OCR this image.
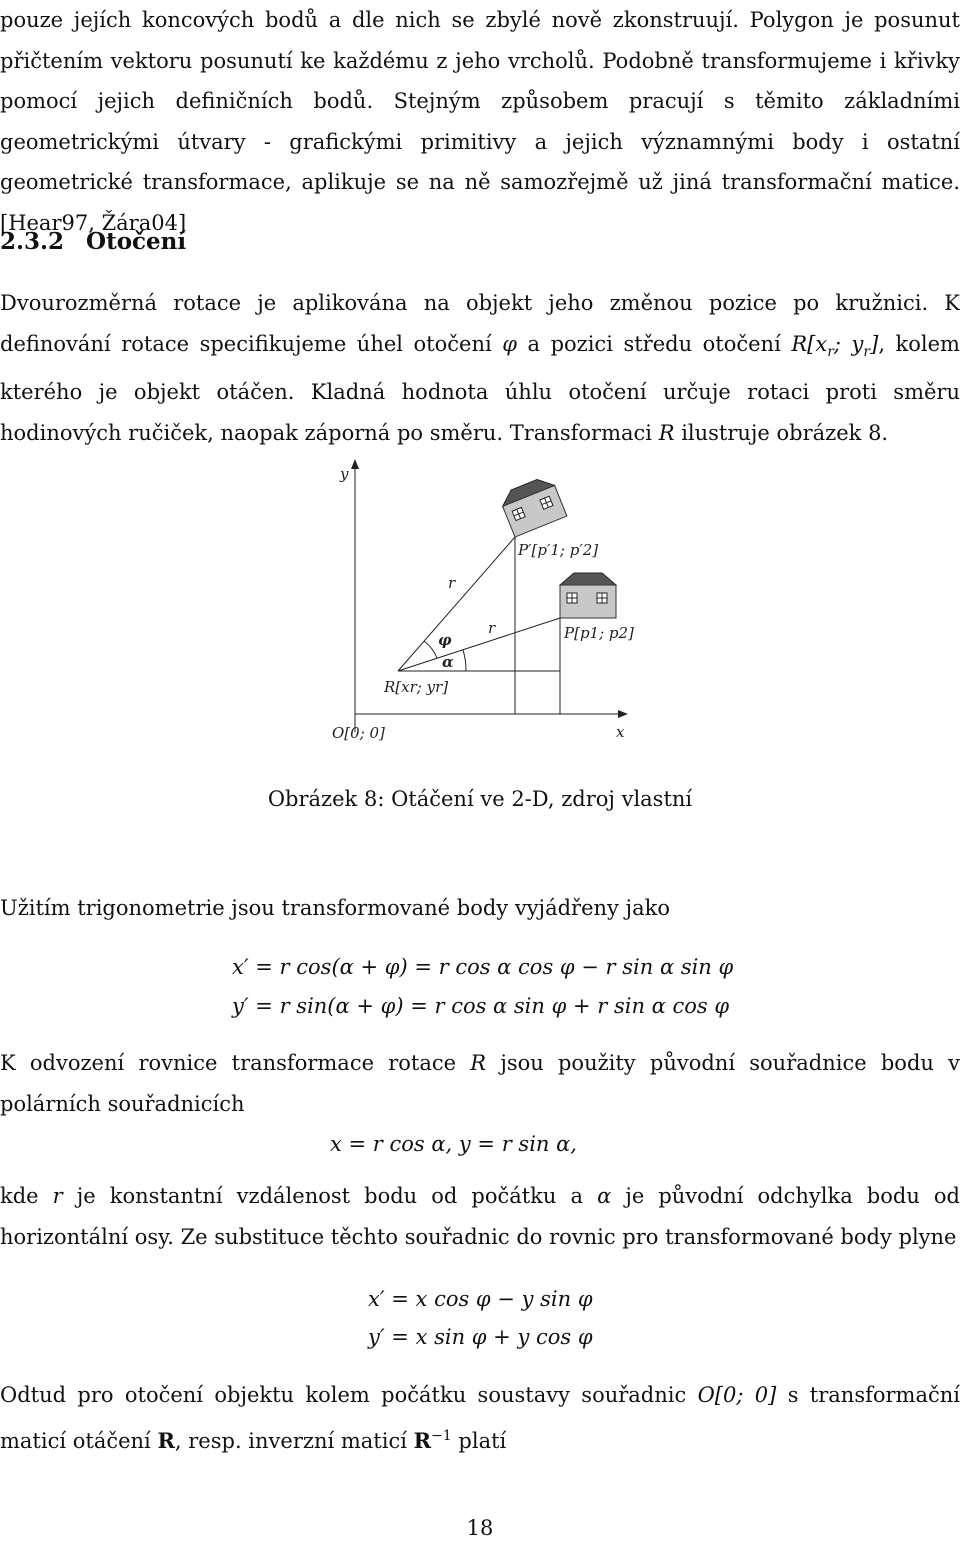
pouze jejích koncových bodů a dle nich se zbylé nově zkonstruují. Polygon je posunut přičtením vektoru posunutí ke každému z jeho vrcholů. Podobně transformujeme i křivky pomocí jejich definičních bodů. Stejným způsobem pracují s těmito základními geometrickými útvary - grafickými primitivy a jejich významnými body i ostatní geometrické transformace, aplikuje se na ně samozřejmě už jiná transformační matice. [Hear97, Žára04]

2.3.2 Otočení

Dvourozměrná rotace je aplikována na objekt jeho změnou pozice po kružnici. K definování rotace specifikujeme úhel otočení φ a pozici středu otočení $R[x_r$; $y_r$], kolem kterého je objekt otáčen. Kladná hodnota úhlu otočení určuje rotaci proti směru hodinových ručiček, naopak záporná po směru. Transformaci R ilustruje obrázek 8.

y
x
O[0; 0]
φ
α
r
r
R[xr; yr]
P[p1; p2]
P′[p′1; p′2]
Obrázek 8: Otáčení ve 2-D, zdroj vlastní

Užitím trigonometrie jsou transformované body vyjádřeny jako

x′ = r cos(α + φ) = r cos α cos φ − r sin α sin φ
y′ = r sin(α + φ) = r cos α sin φ + r sin α cos φ

K odvození rovnice transformace rotace R jsou použity původní souřadnice bodu v polárních souřadnicích

x = r cos α, y = r sin α,

kde r je konstantní vzdálenost bodu od počátku a α je původní odchylka bodu od horizontální osy. Ze substituce těchto souřadnic do rovnic pro transformované body plyne

x′ = x cos φ − y sin φ
y′ = x sin φ + y cos φ

Odtud pro otočení objektu kolem počátku soustavy souřadnic O[0; 0] s transformační maticí otáčení R, resp. inverzní maticí $R^{-1}$ platí

18
